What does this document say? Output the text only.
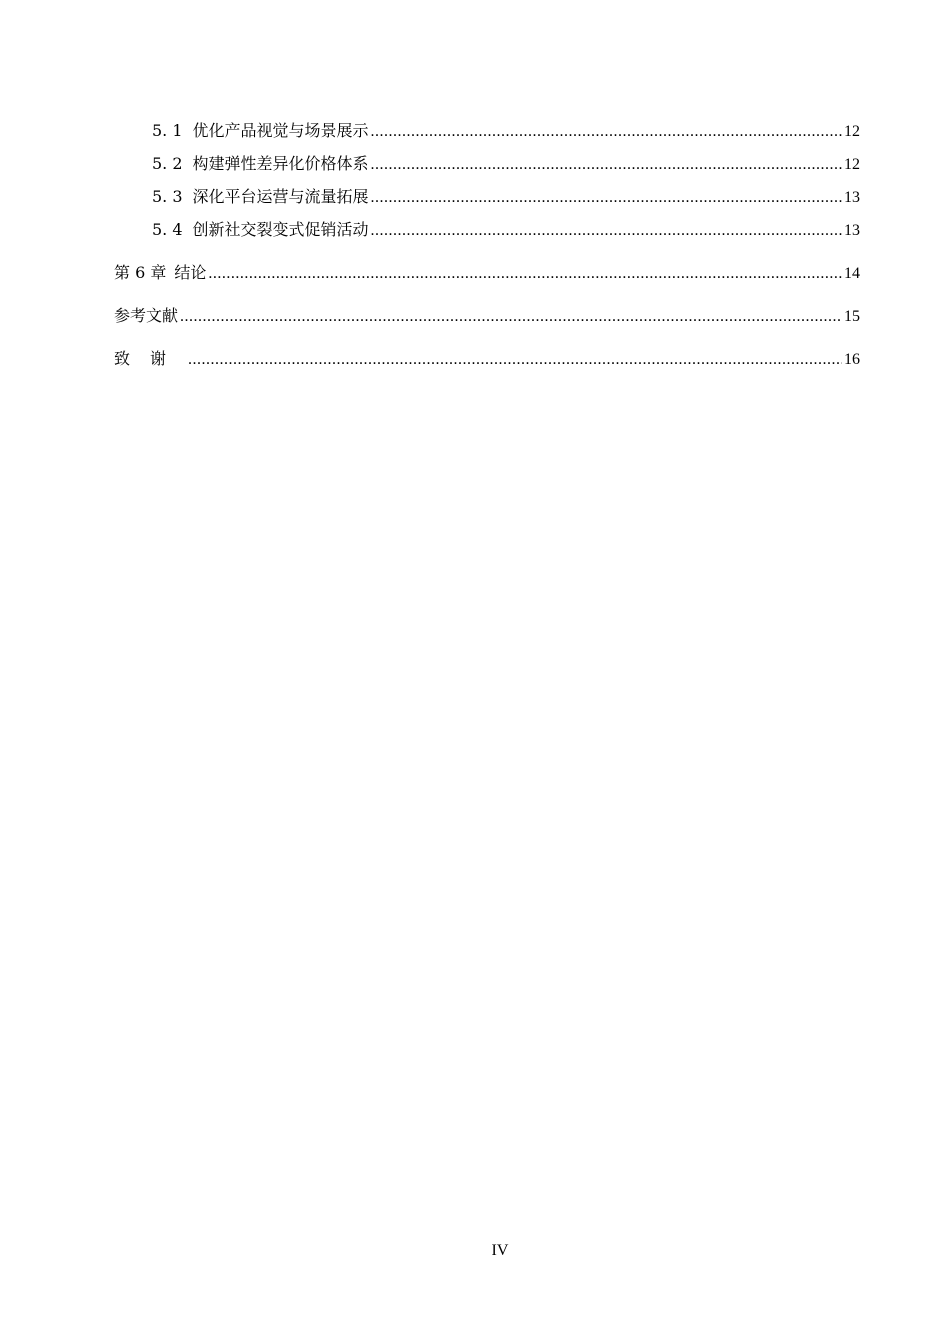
5. 1 优化产品视觉与场景展示 .....	12
5. 2 构建弹性差异化价格体系 .....	12
5. 3 深化平台运营与流量拓展 .....	13
5. 4 创新社交裂变式促销活动 .....	13
第 6 章 结论 .....	14
参考文献 .....	15
致谢 .....	16
IV
